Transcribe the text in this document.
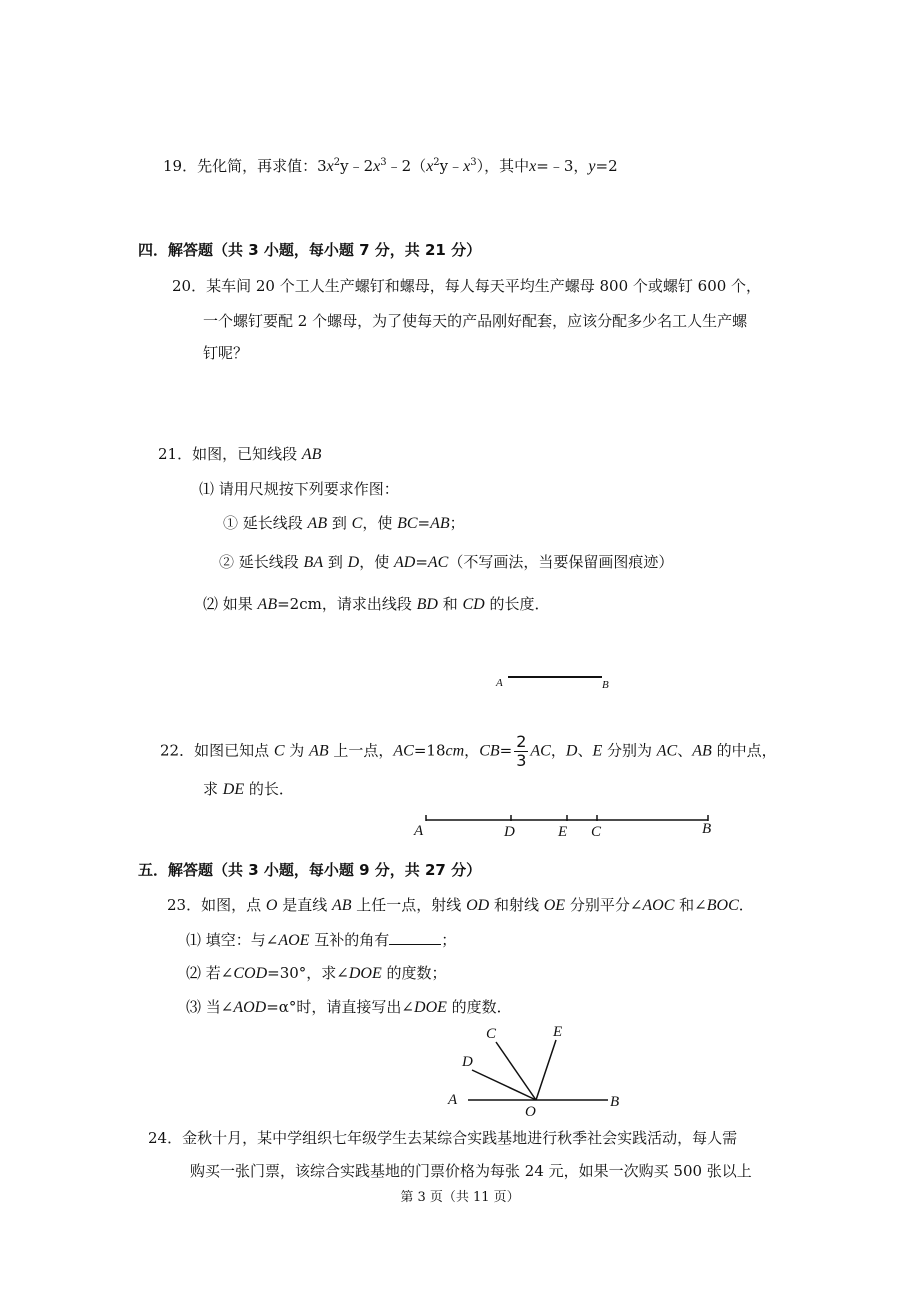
19．先化简，再求值：$3x^2y﹣2x^3﹣2(x^2y﹣x^3)$，其中x=﹣3，y=2
四．解答题（共 3 小题，每小题 7 分，共 21 分）
20．某车间 20 个工人生产螺钉和螺母，每人每天平均生产螺母 800 个或螺钉 600 个，
一个螺钉要配 2 个螺母，为了使每天的产品刚好配套，应该分配多少名工人生产螺
钉呢？
21．如图，已知线段 AB
⑴ 请用尺规按下列要求作图：
① 延长线段 AB 到 C，使 BC=AB；
② 延长线段 BA 到 D，使 AD=AC（不写画法，当要保留画图痕迹）
⑵ 如果 AB=2cm，请求出线段 BD 和 CD 的长度．
A	B
22．如图已知点 C 为 AB 上一点，AC=18cm，$CB= \frac{2}{3}$ AC，D、E 分别为 AC、AB 的中点，
求 DE 的长．
A	D	E C	B
五．解答题（共 3 小题，每小题 9 分，共 27 分）
23．如图，点 O 是直线 AB 上任一点，射线 OD 和射线 OE 分别平分∠AOC 和∠BOC．
⑴ 填空：与∠AOE 互补的角有	；
⑵ 若∠COD=30°，求∠DOE 的度数；
⑶ 当∠AOD=α°时，请直接写出∠DOE 的度数．
C	E
D
A
O
B
24．金秋十月，某中学组织七年级学生去某综合实践基地进行秋季社会实践活动，每人需
购买一张门票，该综合实践基地的门票价格为每张 24 元，如果一次购买 500 张以上
第 3 页（共 11 页）
